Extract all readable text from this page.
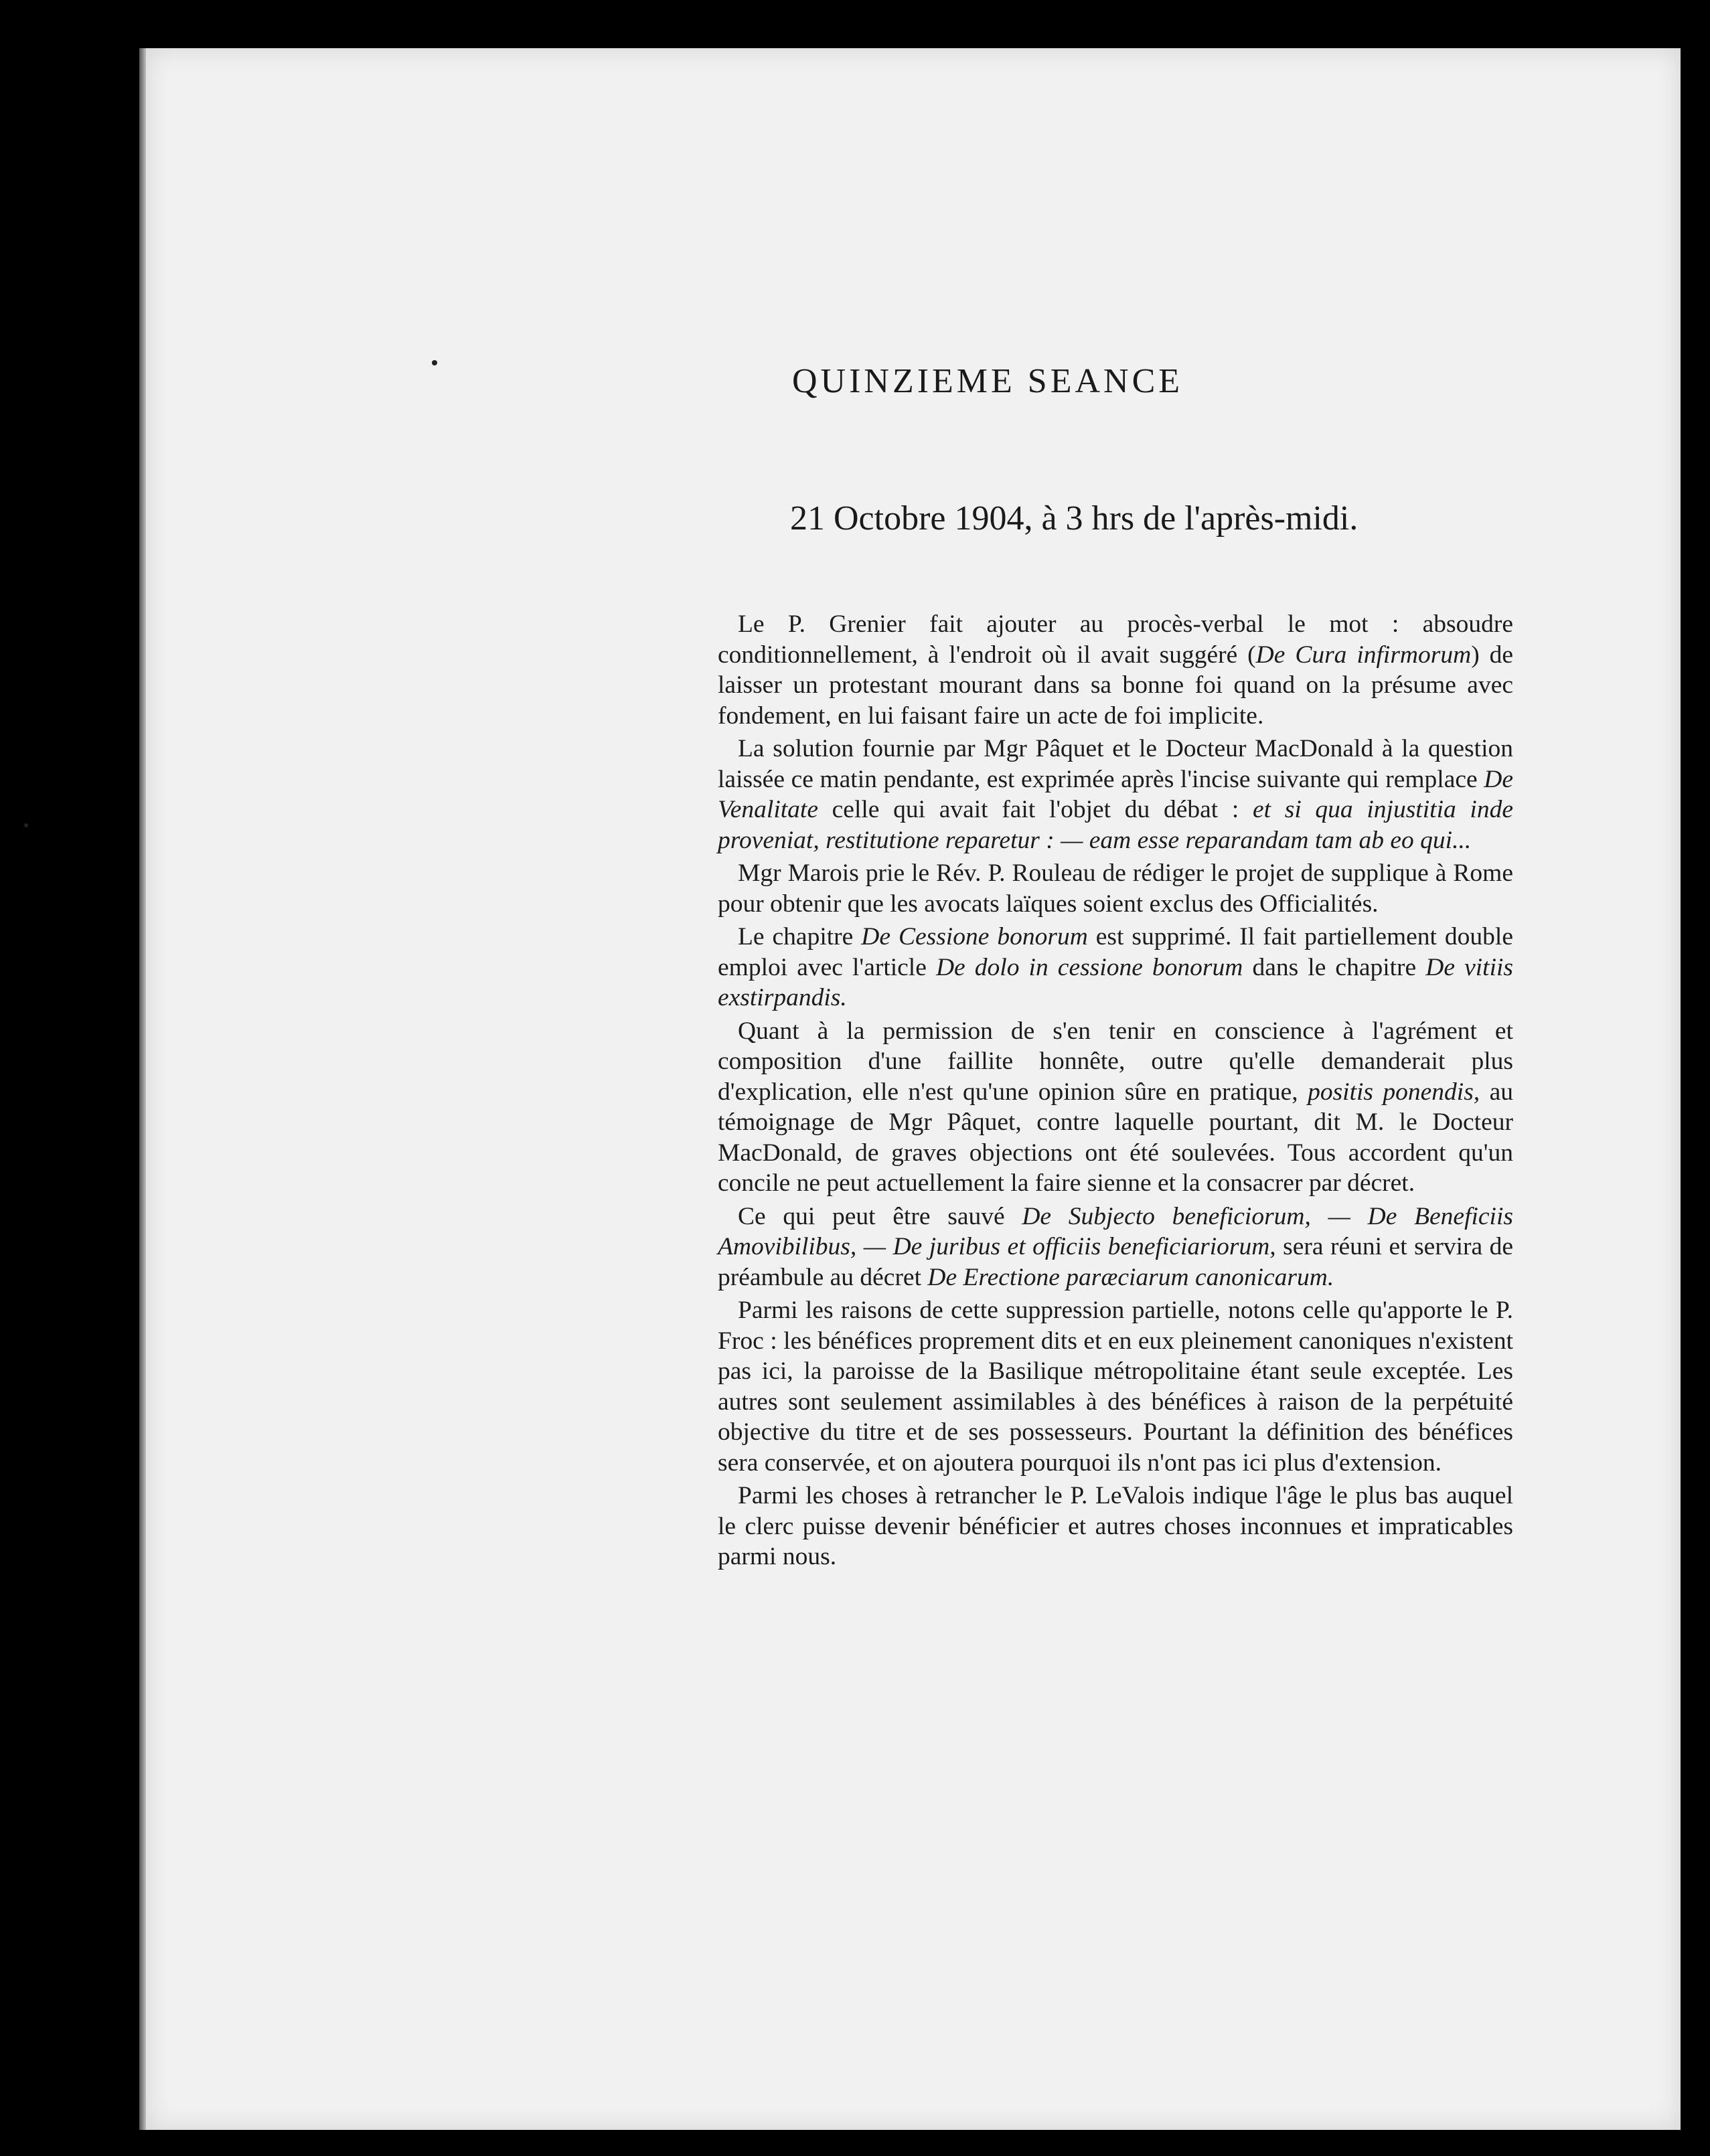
QUINZIEME SEANCE
21 Octobre 1904, à 3 hrs de l'après-midi.

Le P. Grenier fait ajouter au procès-verbal le mot : absoudre conditionnellement, à l'endroit où il avait suggéré (De Cura infirmorum) de laisser un protestant mourant dans sa bonne foi quand on la présume avec fondement, en lui faisant faire un acte de foi implicite.

La solution fournie par Mgr Pâquet et le Docteur MacDonald à la question laissée ce matin pendante, est exprimée après l'incise suivante qui remplace De Venalitate celle qui avait fait l'objet du débat : et si qua injustitia inde proveniat, restitutione reparetur : — eam esse reparandam tam ab eo qui...

Mgr Marois prie le Rév. P. Rouleau de rédiger le projet de supplique à Rome pour obtenir que les avocats laïques soient exclus des Officialités.

Le chapitre De Cessione bonorum est supprimé. Il fait partiellement double emploi avec l'article De dolo in cessione bonorum dans le chapitre De vitiis exstirpandis.

Quant à la permission de s'en tenir en conscience à l'agrément et composition d'une faillite honnête, outre qu'elle demanderait plus d'explication, elle n'est qu'une opinion sûre en pratique, positis ponendis, au témoignage de Mgr Pâquet, contre laquelle pourtant, dit M. le Docteur MacDonald, de graves objections ont été soulevées. Tous accordent qu'un concile ne peut actuellement la faire sienne et la consacrer par décret.

Ce qui peut être sauvé De Subjecto beneficiorum, — De Beneficiis Amovibilibus, — De juribus et officiis beneficiariorum, sera réuni et servira de préambule au décret De Erectione paræciarum canonicarum.

Parmi les raisons de cette suppression partielle, notons celle qu'apporte le P. Froc : les bénéfices proprement dits et en eux pleinement canoniques n'existent pas ici, la paroisse de la Basilique métropolitaine étant seule exceptée. Les autres sont seulement assimilables à des bénéfices à raison de la perpétuité objective du titre et de ses possesseurs. Pourtant la définition des bénéfices sera conservée, et on ajoutera pourquoi ils n'ont pas ici plus d'extension.

Parmi les choses à retrancher le P. LeValois indique l'âge le plus bas auquel le clerc puisse devenir bénéficier et autres choses inconnues et impraticables parmi nous.
